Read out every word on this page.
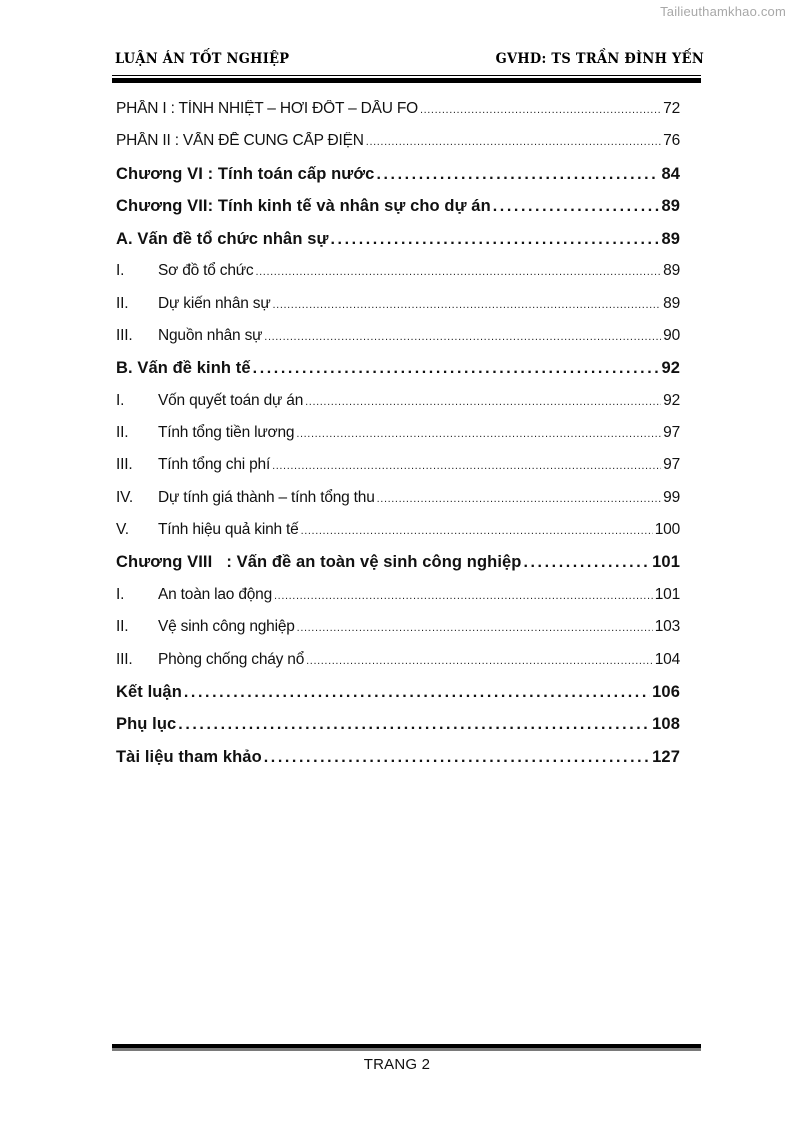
Tailieuthamkhao.com
LUẬN ÁN TỐT NGHIỆP	GVHD: TS TRẦN ĐÌNH YẾN
PHẦN I : TÍNH NHIỆT – HƠI ĐỐT – DẦU FO .....	72
PHẦN II : VẤN ĐỀ CUNG CẤP ĐIỆN .....	76
Chương VI : Tính toán cấp nước .....	84
Chương VII: Tính kinh tế và nhân sự cho dự án .....	89
A. Vấn đề tổ chức nhân sự .....	89
I.	Sơ đồ tổ chức .....	89
II.	Dự kiến nhân sự .....	89
III.	Nguồn nhân sự .....	90
B. Vấn đề kinh tế .....	92
I.	Vốn quyết toán dự án .....	92
II.	Tính tổng tiền lương .....	97
III.	Tính tổng chi phí .....	97
IV.	Dự tính giá thành – tính tổng thu .....	99
V.	Tính hiệu quả kinh tế .....	100
Chương VIII   : Vấn đề an toàn vệ sinh công nghiệp .....	101
I.	An toàn lao động .....	101
II.	Vệ sinh công nghiệp .....	103
III.	Phòng chống cháy nổ .....	104
Kết luận .....	106
Phụ lục .....	108
Tài liệu tham khảo .....	127
TRANG 2
